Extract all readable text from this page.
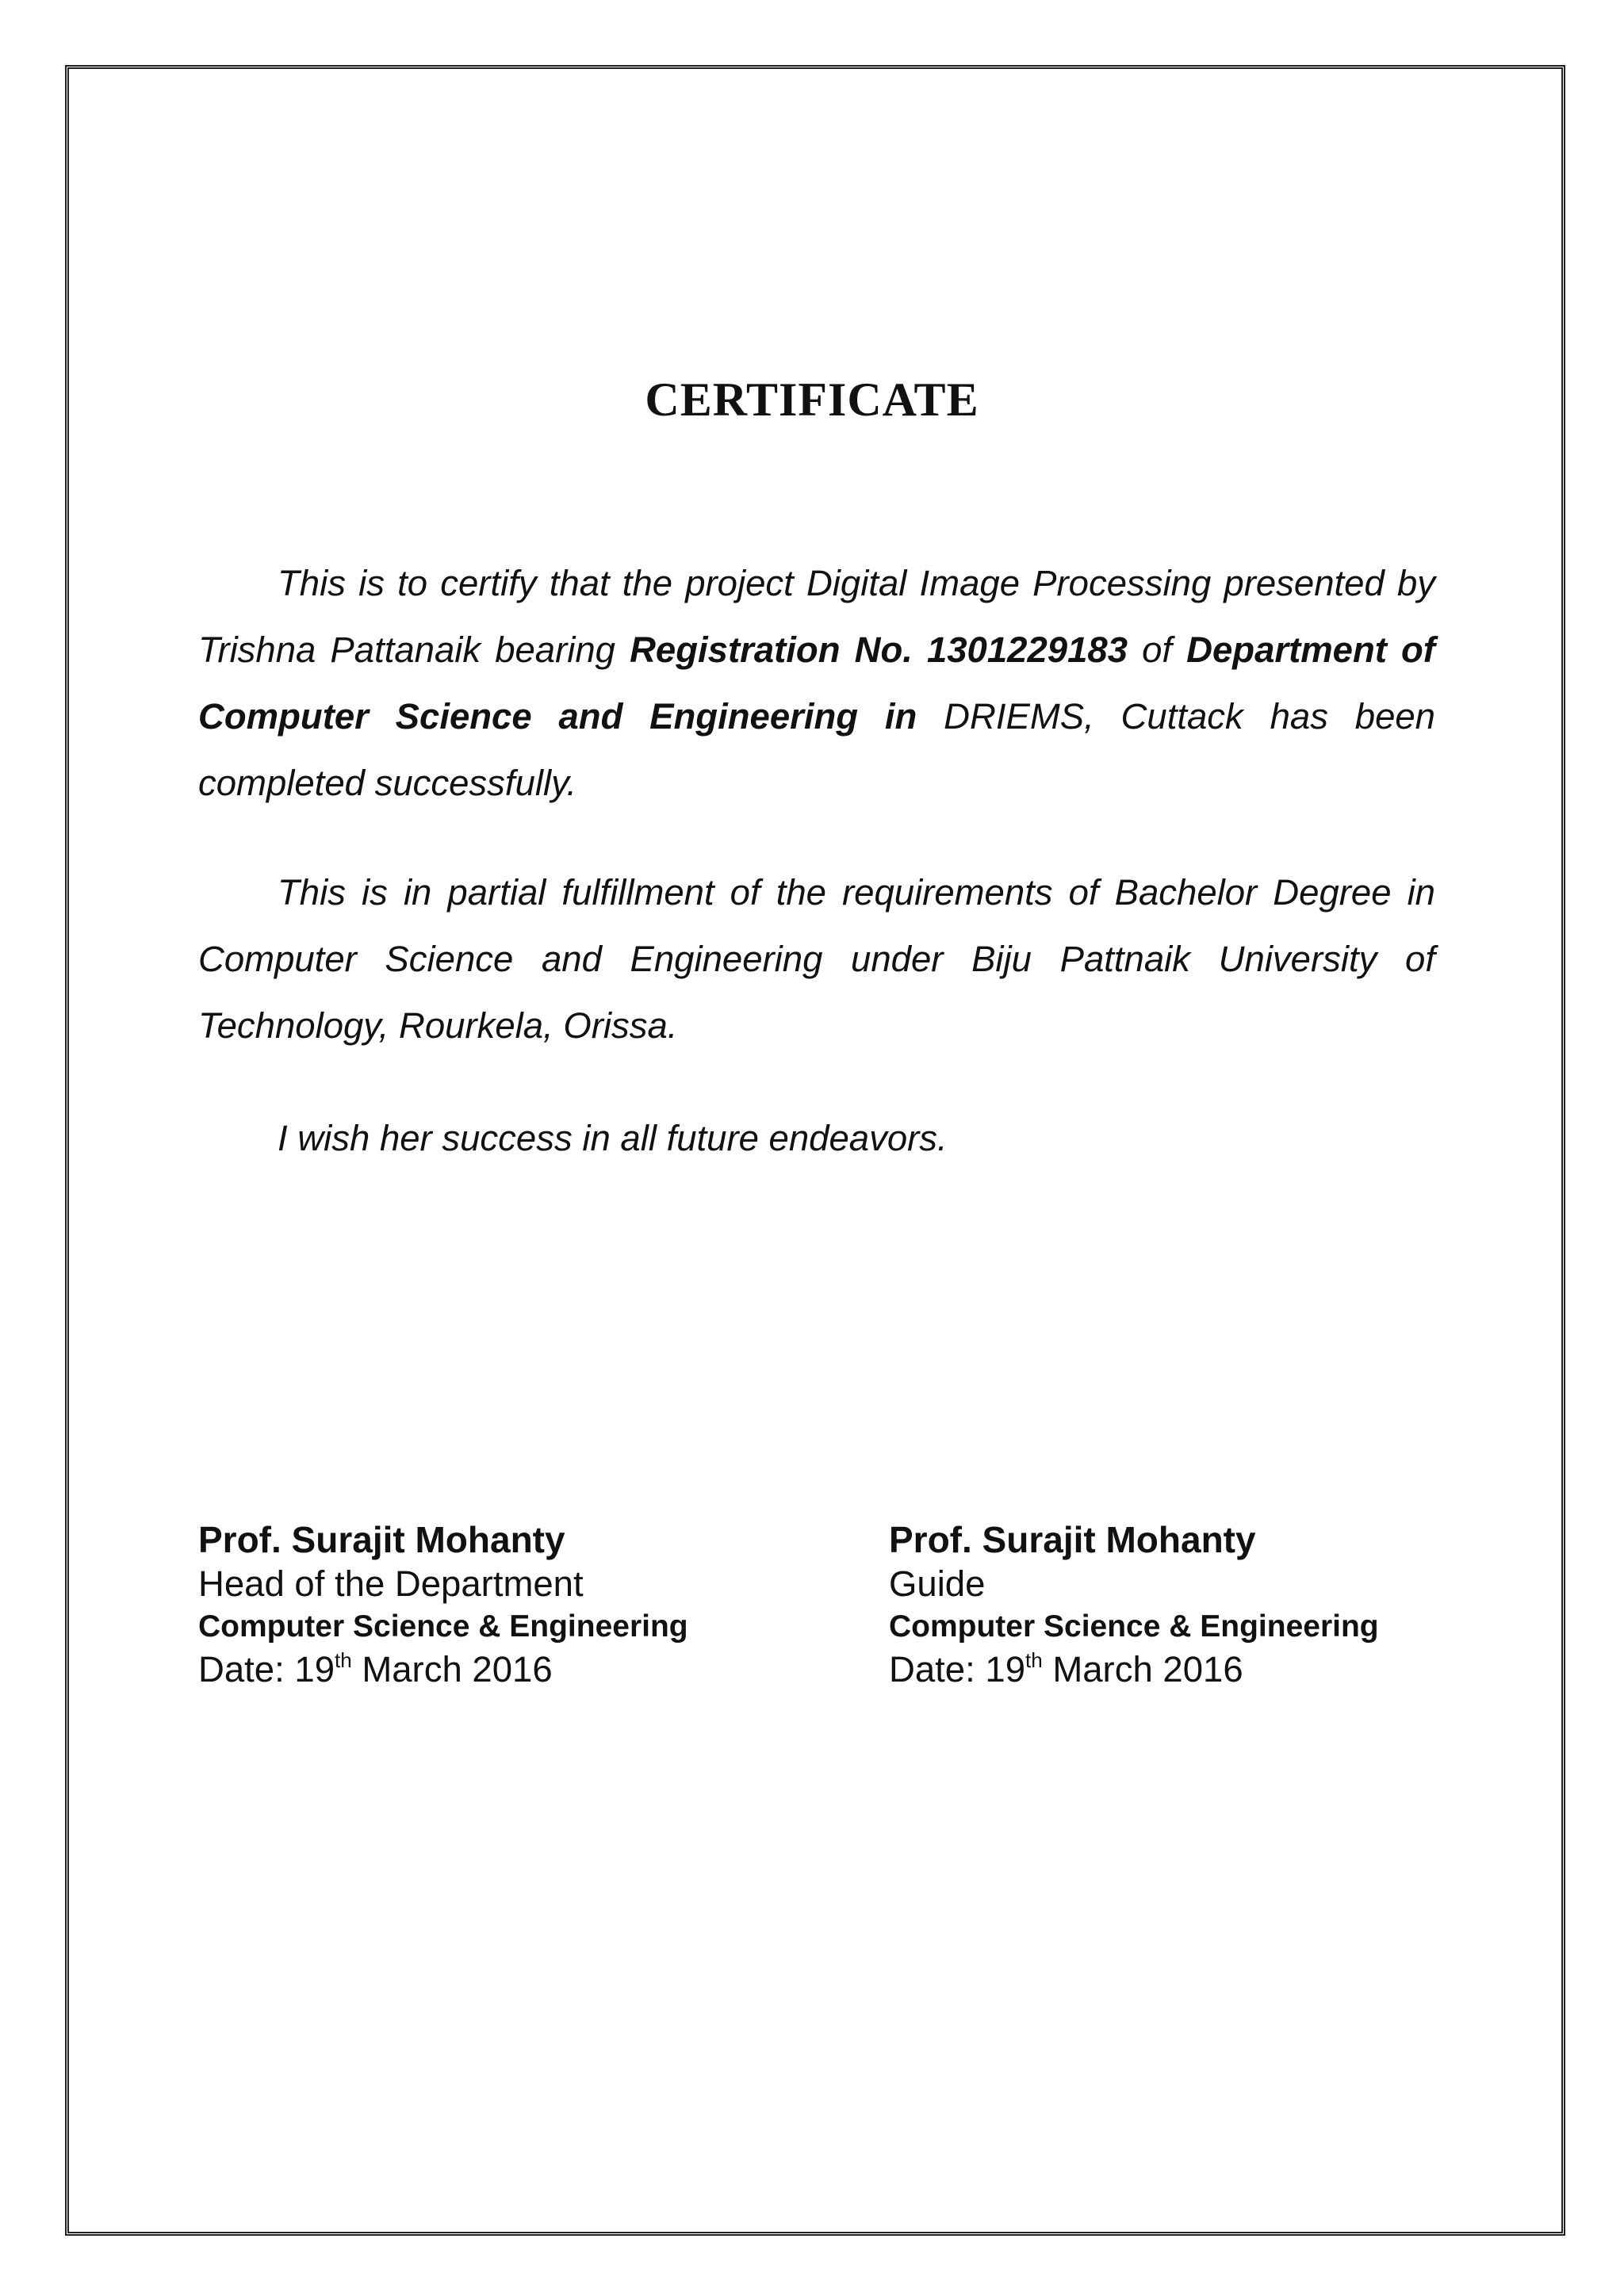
CERTIFICATE

This is to certify that the project Digital Image Processing presented by Trishna Pattanaik bearing Registration No. 1301229183 of Department of Computer Science and Engineering in DRIEMS, Cuttack has been completed successfully.

This is in partial fulfillment of the requirements of Bachelor Degree in Computer Science and Engineering under Biju Pattnaik University of Technology, Rourkela, Orissa.

I wish her success in all future endeavors.

Prof. Surajit Mohanty
Head of the Department
Computer Science & Engineering
Date: 19th March 2016
Prof. Surajit Mohanty
Guide
Computer Science & Engineering
Date: 19th March 2016
